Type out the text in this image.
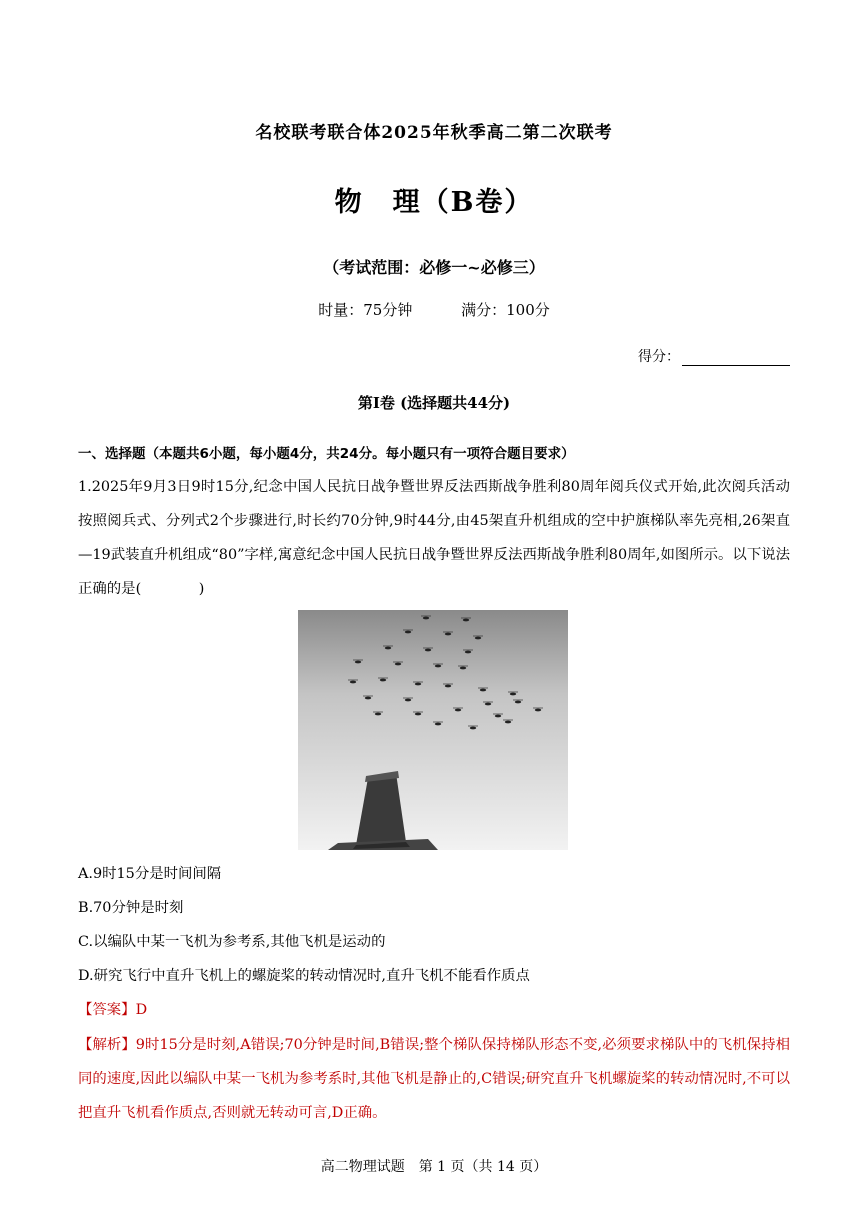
名校联考联合体2025年秋季高二第二次联考
物　理（B卷）
（考试范围：必修一~必修三）
时量：75分钟	满分：100分
得分：
第Ⅰ卷 (选择题共44分)
一、选择题（本题共6小题，每小题4分，共24分。每小题只有一项符合题目要求）
1.2025年9月3日9时15分,纪念中国人民抗日战争暨世界反法西斯战争胜利80周年阅兵仪式开始,此次阅兵活动按照阅兵式、分列式2个步骤进行,时长约70分钟,9时44分,由45架直升机组成的空中护旗梯队率先亮相,26架直—19武装直升机组成“80”字样,寓意纪念中国人民抗日战争暨世界反法西斯战争胜利80周年,如图所示。以下说法正确的是(　　　　)
A.9时15分是时间间隔
B.70分钟是时刻
C.以编队中某一飞机为参考系,其他飞机是运动的
D.研究飞行中直升飞机上的螺旋桨的转动情况时,直升飞机不能看作质点
【答案】D
【解析】9时15分是时刻,A错误;70分钟是时间,B错误;整个梯队保持梯队形态不变,必须要求梯队中的飞机保持相同的速度,因此以编队中某一飞机为参考系时,其他飞机是静止的,C错误;研究直升飞机螺旋桨的转动情况时,不可以把直升飞机看作质点,否则就无转动可言,D正确。
高二物理试题　第 1 页（共 14 页）
